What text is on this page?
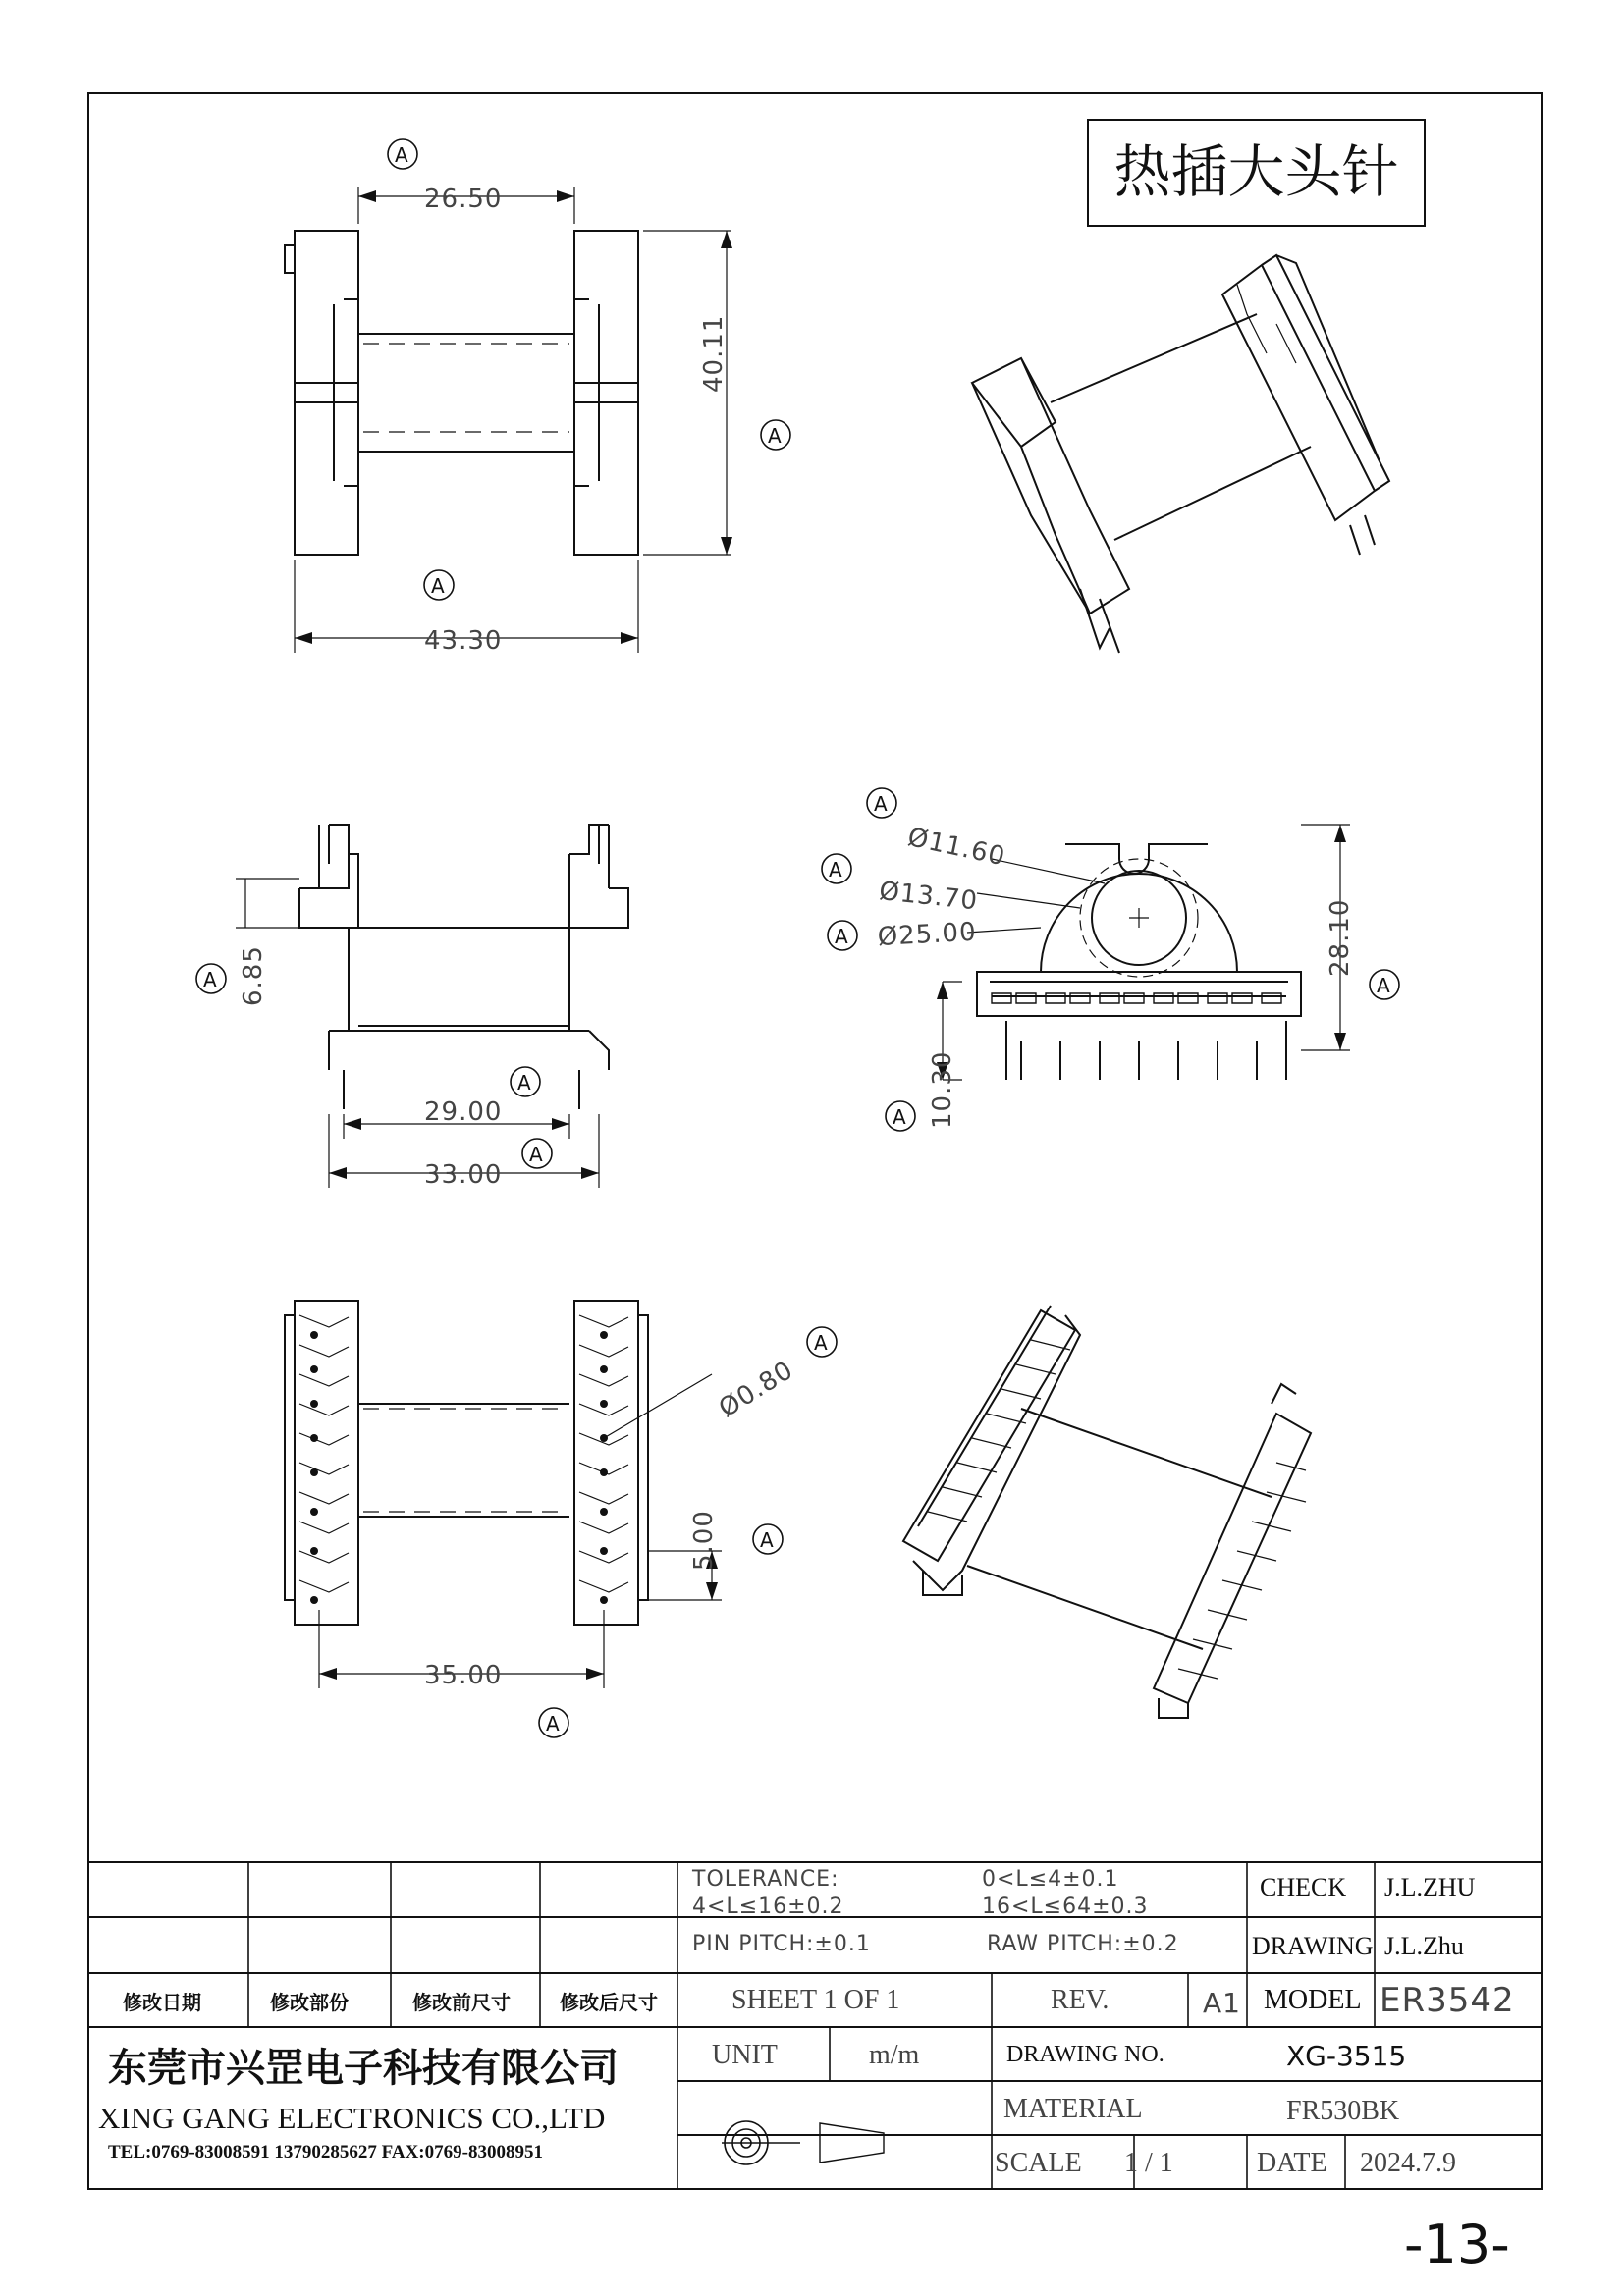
热插大头针
26.50
40.11
43.30
6.85
29.00
33.00
Ø11.60
Ø13.70
Ø25.00	28.10
10.30
Ø0.80
5.00
35.00
A
A
A
A
A
A
A
A
A
A
A
A
A
A
TOLERANCE:	0<L≤4±0.1
4<L≤16±0.2	16<L≤64±0.3
PIN PITCH:±0.1	RAW PITCH:±0.2
CHECK J.L.ZHU
DRAWING J.L.Zhu
修改日期	修改部份	修改前尺寸	修改后尺寸	SHEET 1 OF 1	REV.	A1 MODEL ER3542
东莞市兴罡电子科技有限公司
XING GANG ELECTRONICS CO.,LTD
TEL:0769-83008591 13790285627 FAX:0769-83008951
UNIT	m/m	DRAWING NO.	XG-3515
MATERIAL	FR530BK
SCALE 1 / 1	DATE 2024.7.9
-13-
